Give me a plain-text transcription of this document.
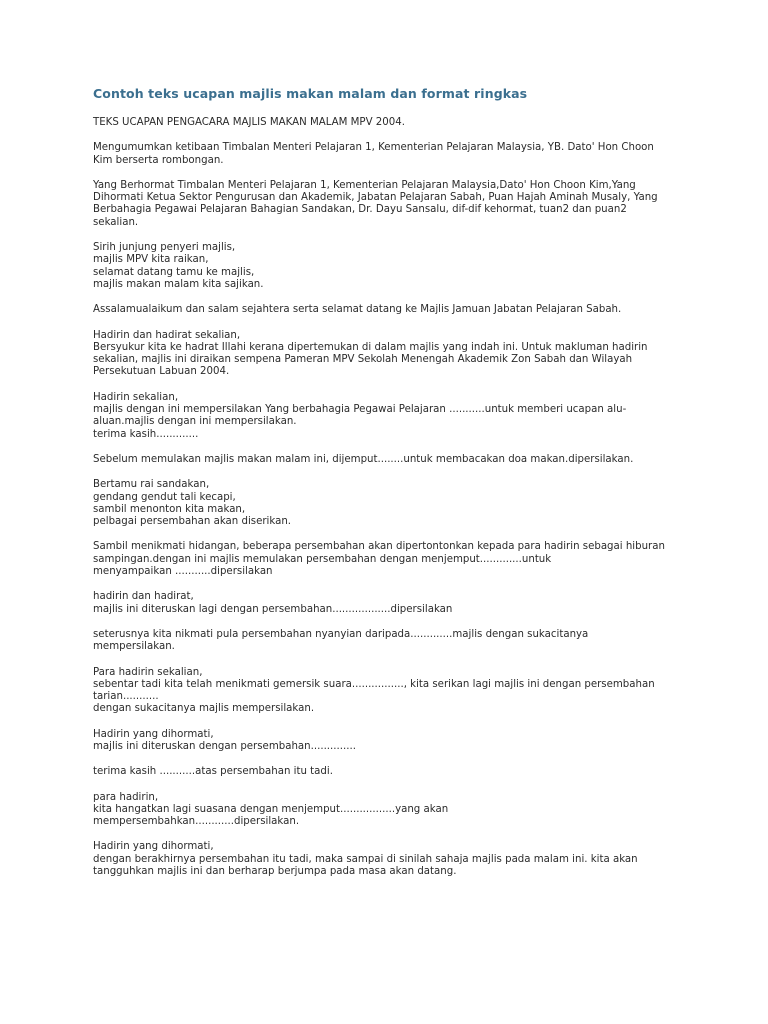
Contoh teks ucapan majlis makan malam dan format ringkas

TEKS UCAPAN PENGACARA MAJLIS MAKAN MALAM MPV 2004.

Mengumumkan ketibaan Timbalan Menteri Pelajaran 1, Kementerian Pelajaran Malaysia, YB. Dato' Hon Choon
Kim berserta rombongan.

Yang Berhormat Timbalan Menteri Pelajaran 1, Kementerian Pelajaran Malaysia,Dato' Hon Choon Kim,Yang
Dihormati Ketua Sektor Pengurusan dan Akademik, Jabatan Pelajaran Sabah, Puan Hajah Aminah Musaly, Yang
Berbahagia Pegawai Pelajaran Bahagian Sandakan, Dr. Dayu Sansalu, dif-dif kehormat, tuan2 dan puan2
sekalian.

Sirih junjung penyeri majlis,
majlis MPV kita raikan,
selamat datang tamu ke majlis,
majlis makan malam kita sajikan.

Assalamualaikum dan salam sejahtera serta selamat datang ke Majlis Jamuan Jabatan Pelajaran Sabah.

Hadirin dan hadirat sekalian,
Bersyukur kita ke hadrat Illahi kerana dipertemukan di dalam majlis yang indah ini. Untuk makluman hadirin
sekalian, majlis ini diraikan sempena Pameran MPV Sekolah Menengah Akademik Zon Sabah dan Wilayah
Persekutuan Labuan 2004.

Hadirin sekalian,
majlis dengan ini mempersilakan Yang berbahagia Pegawai Pelajaran ...........untuk memberi ucapan alu-
aluan.majlis dengan ini mempersilakan.
terima kasih.............

Sebelum memulakan majlis makan malam ini, dijemput........untuk membacakan doa makan.dipersilakan.

Bertamu rai sandakan,
gendang gendut tali kecapi,
sambil menonton kita makan,
pelbagai persembahan akan diserikan.

Sambil menikmati hidangan, beberapa persembahan akan dipertontonkan kepada para hadirin sebagai hiburan
sampingan.dengan ini majlis memulakan persembahan dengan menjemput.............untuk
menyampaikan ...........dipersilakan

hadirin dan hadirat,
majlis ini diteruskan lagi dengan persembahan..................dipersilakan

seterusnya kita nikmati pula persembahan nyanyian daripada.............majlis dengan sukacitanya
mempersilakan.

Para hadirin sekalian,
sebentar tadi kita telah menikmati gemersik suara................, kita serikan lagi majlis ini dengan persembahan
tarian...........
dengan sukacitanya majlis mempersilakan.

Hadirin yang dihormati,
majlis ini diteruskan dengan persembahan..............

terima kasih ...........atas persembahan itu tadi.

para hadirin,
kita hangatkan lagi suasana dengan menjemput.................yang akan
mempersembahkan............dipersilakan.

Hadirin yang dihormati,
dengan berakhirnya persembahan itu tadi, maka sampai di sinilah sahaja majlis pada malam ini. kita akan
tangguhkan majlis ini dan berharap berjumpa pada masa akan datang.
